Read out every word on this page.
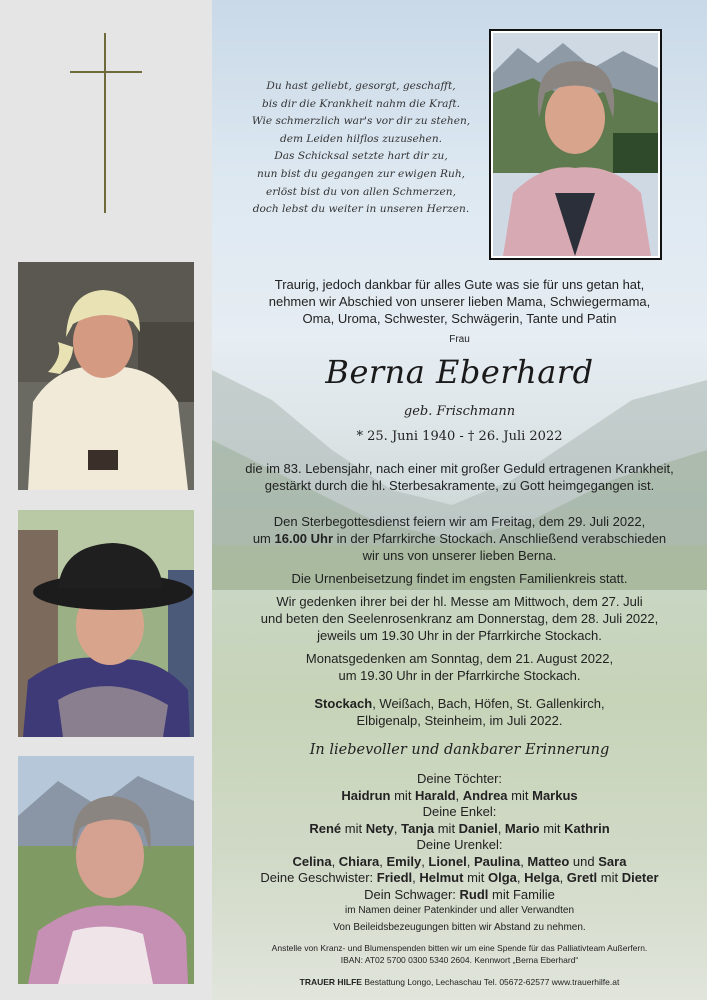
Du hast geliebt, gesorgt, geschafft,
bis dir die Krankheit nahm die Kraft.
Wie schmerzlich war's vor dir zu stehen,
dem Leiden hilflos zuzusehen.
Das Schicksal setzte hart dir zu,
nun bist du gegangen zur ewigen Ruh,
erlöst bist du von allen Schmerzen,
doch lebst du weiter in unseren Herzen.
Traurig, jedoch dankbar für alles Gute was sie für uns getan hat,
nehmen wir Abschied von unserer lieben Mama, Schwiegermama,
Oma, Uroma, Schwester, Schwägerin, Tante und Patin
Frau
Berna Eberhard
geb. Frischmann
* 25. Juni 1940 - † 26. Juli 2022
die im 83. Lebensjahr, nach einer mit großer Geduld ertragenen Krankheit,
gestärkt durch die hl. Sterbesakramente, zu Gott heimgegangen ist.
Den Sterbegottesdienst feiern wir am Freitag, dem 29. Juli 2022,
um 16.00 Uhr in der Pfarrkirche Stockach. Anschließend verabschieden
wir uns von unserer lieben Berna.
Die Urnenbeisetzung findet im engsten Familienkreis statt.
Wir gedenken ihrer bei der hl. Messe am Mittwoch, dem 27. Juli
und beten den Seelenrosenkranz am Donnerstag, dem 28. Juli 2022,
jeweils um 19.30 Uhr in der Pfarrkirche Stockach.
Monatsgedenken am Sonntag, dem 21. August 2022,
um 19.30 Uhr in der Pfarrkirche Stockach.
Stockach, Weißach, Bach, Höfen, St. Gallenkirch,
Elbigenalp, Steinheim, im Juli 2022.
In liebevoller und dankbarer Erinnerung
Deine Töchter:
Haidrun mit Harald, Andrea mit Markus
Deine Enkel:
René mit Nety, Tanja mit Daniel, Mario mit Kathrin
Deine Urenkel:
Celina, Chiara, Emily, Lionel, Paulina, Matteo und Sara
Deine Geschwister: Friedl, Helmut mit Olga, Helga, Gretl mit Dieter
Dein Schwager: Rudl mit Familie
im Namen deiner Patenkinder und aller Verwandten
Von Beileidsbezeugungen bitten wir Abstand zu nehmen.
Anstelle von Kranz- und Blumenspenden bitten wir um eine Spende für das Palliativteam Außerfern.
IBAN: AT02 5700 0300 5340 2604. Kennwort „Berna Eberhard“
TRAUER HILFE Bestattung Longo, Lechaschau Tel. 05672-62577 www.trauerhilfe.at
